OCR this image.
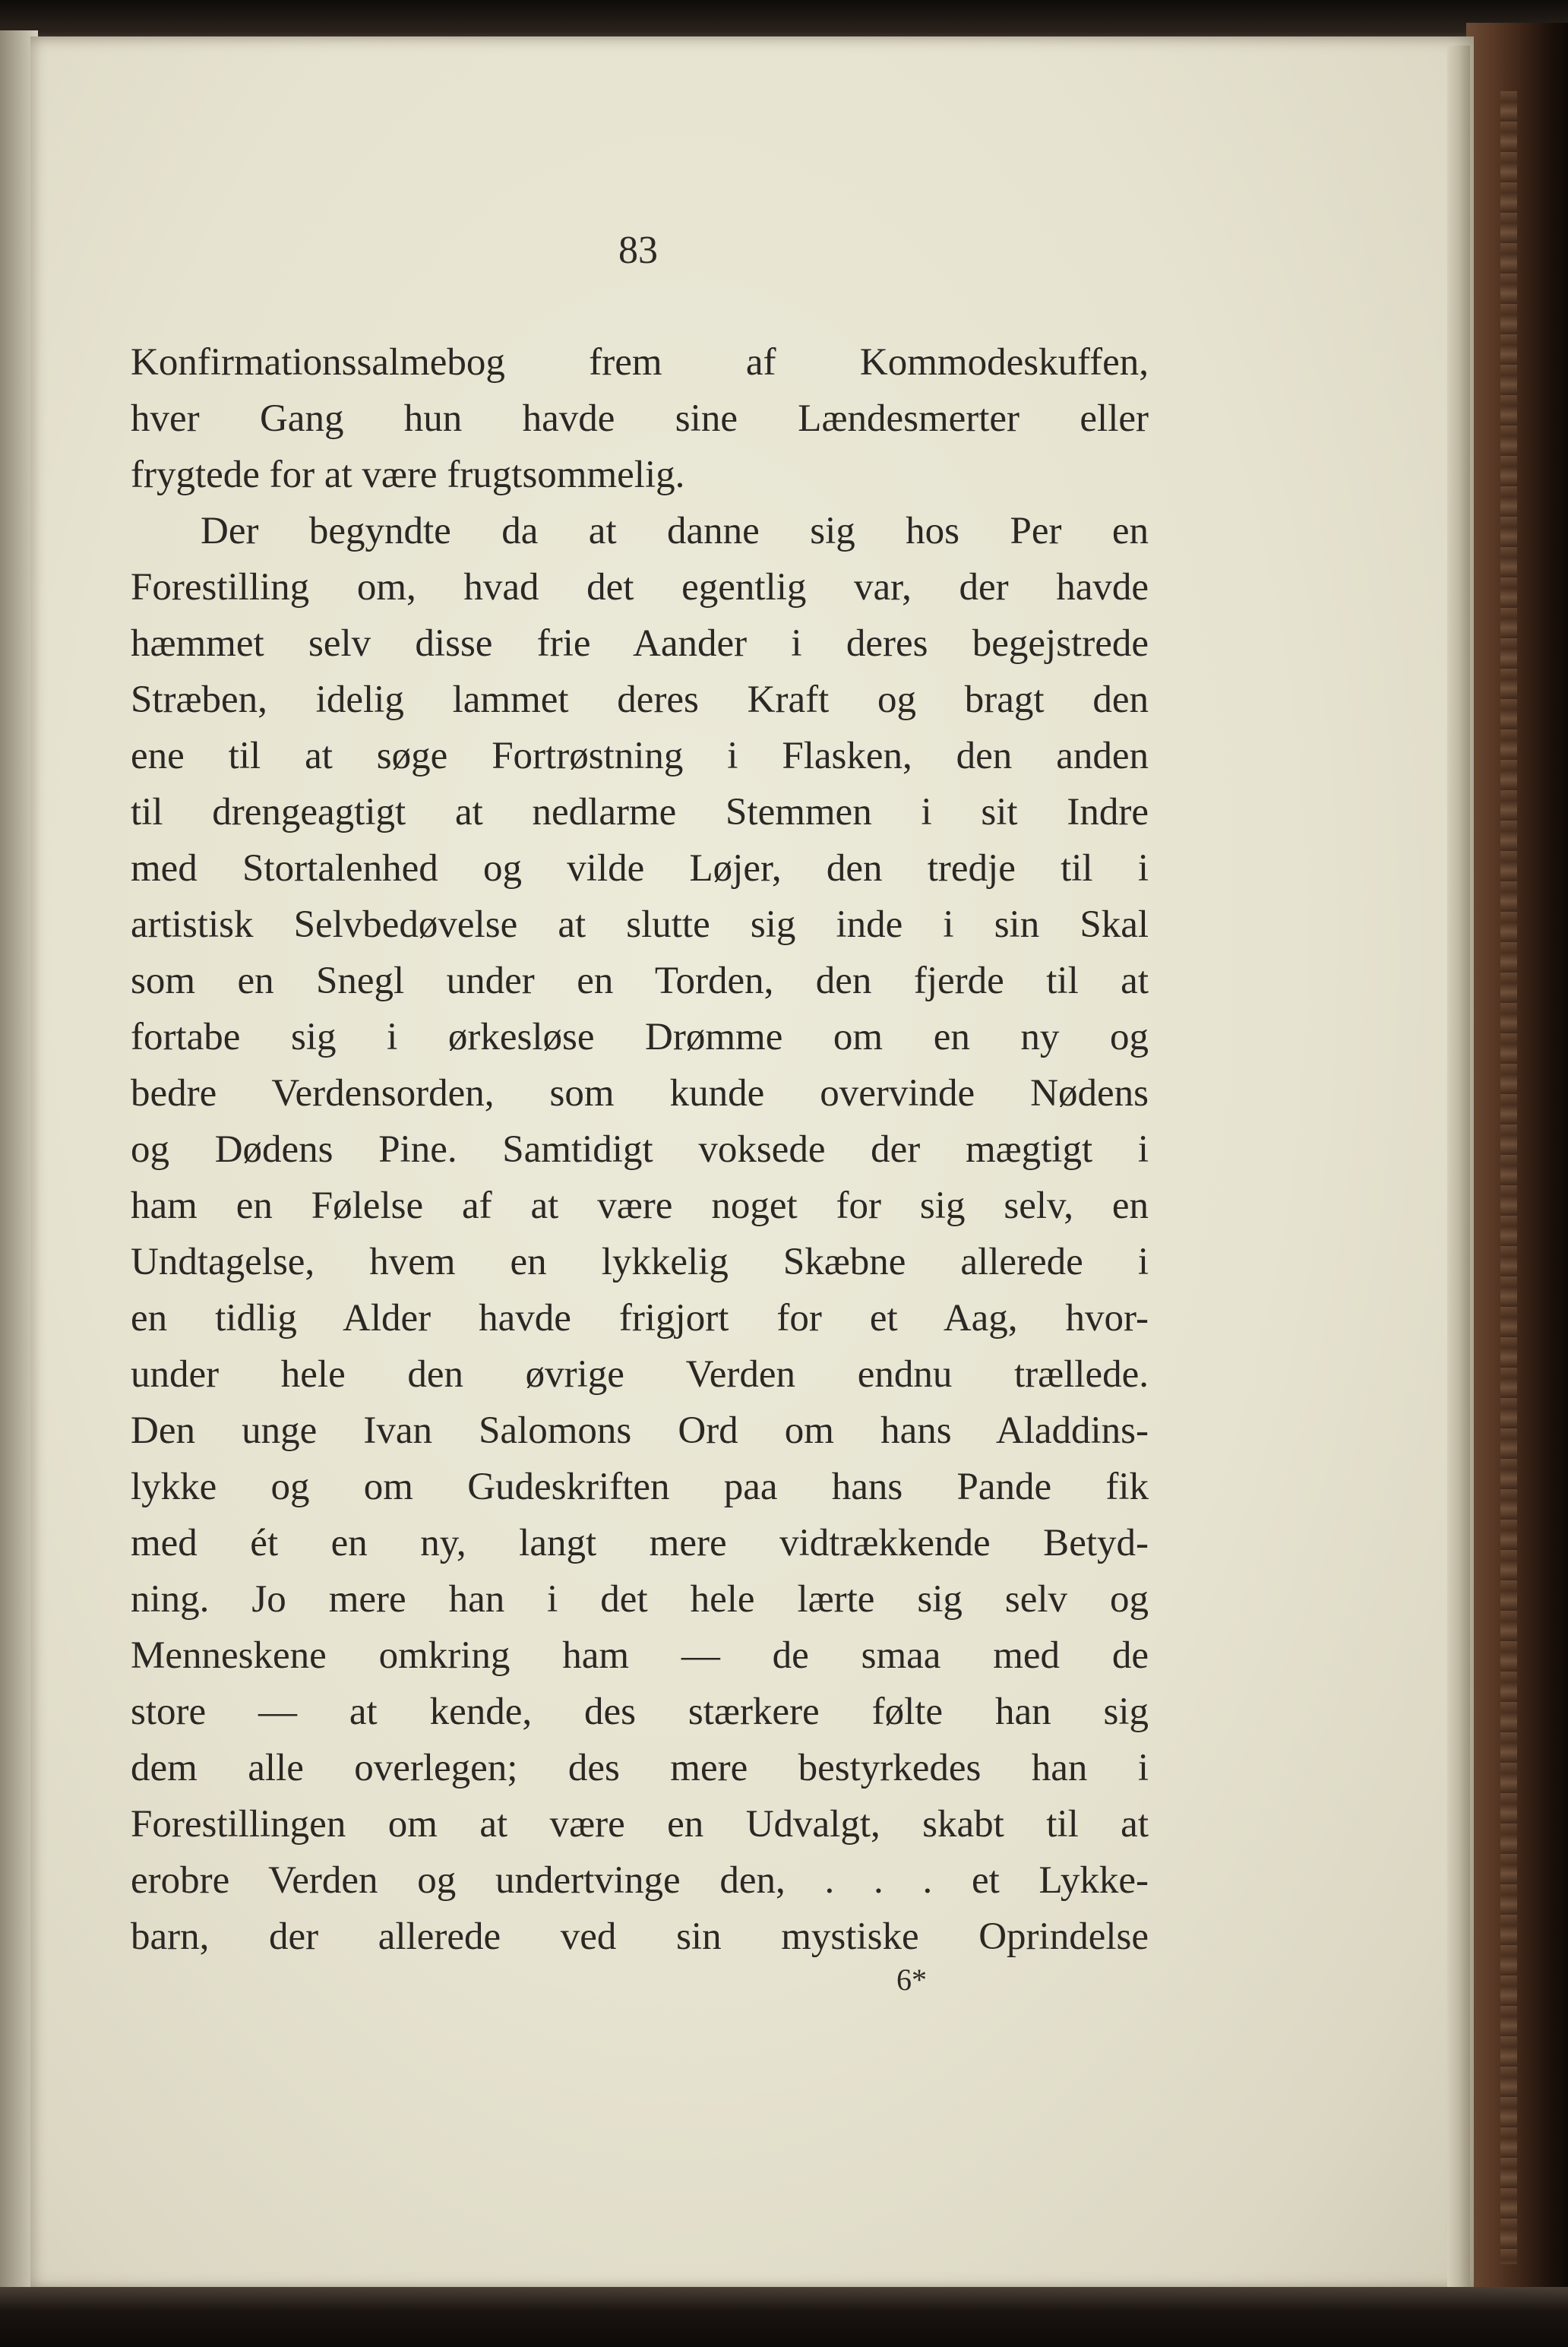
83
Konfirmationssalmebog frem af Kommodeskuffen,
hver Gang hun havde sine Lændesmerter eller
frygtede for at være frugtsommelig.
Der begyndte da at danne sig hos Per en
Forestilling om, hvad det egentlig var, der havde
hæmmet selv disse frie Aander i deres begejstrede
Stræben, idelig lammet deres Kraft og bragt den
ene til at søge Fortrøstning i Flasken, den anden
til drengeagtigt at nedlarme Stemmen i sit Indre
med Stortalenhed og vilde Løjer, den tredje til i
artistisk Selvbedøvelse at slutte sig inde i sin Skal
som en Snegl under en Torden, den fjerde til at
fortabe sig i ørkesløse Drømme om en ny og
bedre Verdensorden, som kunde overvinde Nødens
og Dødens Pine. Samtidigt voksede der mægtigt i
ham en Følelse af at være noget for sig selv, en
Undtagelse, hvem en lykkelig Skæbne allerede i
en tidlig Alder havde frigjort for et Aag, hvor-
under hele den øvrige Verden endnu trællede.
Den unge Ivan Salomons Ord om hans Aladdins-
lykke og om Gudeskriften paa hans Pande fik
med ét en ny, langt mere vidtrækkende Betyd-
ning. Jo mere han i det hele lærte sig selv og
Menneskene omkring ham — de smaa med de
store — at kende, des stærkere følte han sig
dem alle overlegen; des mere bestyrkedes han i
Forestillingen om at være en Udvalgt, skabt til at
erobre Verden og undertvinge den, . . . et Lykke-
barn, der allerede ved sin mystiske Oprindelse
6*
